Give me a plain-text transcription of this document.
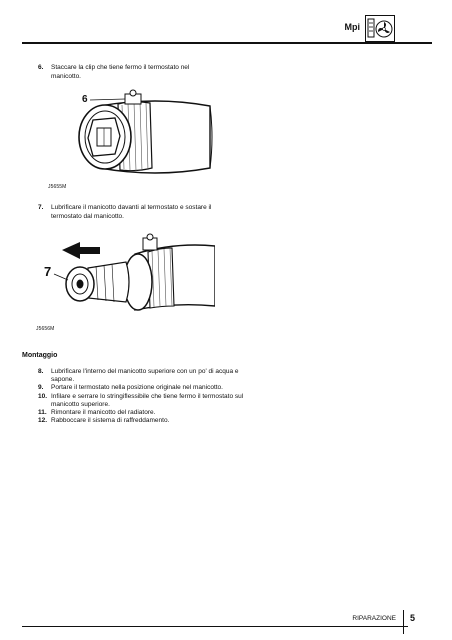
Mpi
6. Staccare la clip che tiene fermo il termostato nel manicotto.
6
J5655M
7. Lubrificare il manicotto davanti al termostato e sostare il termostato dal manicotto.
7
J5656M
Montaggio
8.	Lubrificare l'interno del manicotto superiore con un po' di acqua e sapone.
9.	Portare il termostato nella posizione originale nel manicotto.
10. Infilare e serrare lo stringiflessibile che tiene fermo il termostato sul manicotto superiore.
11. Rimontare il manicotto del radiatore.
12. Rabboccare il sistema di raffreddamento.
RIPARAZIONE 5
